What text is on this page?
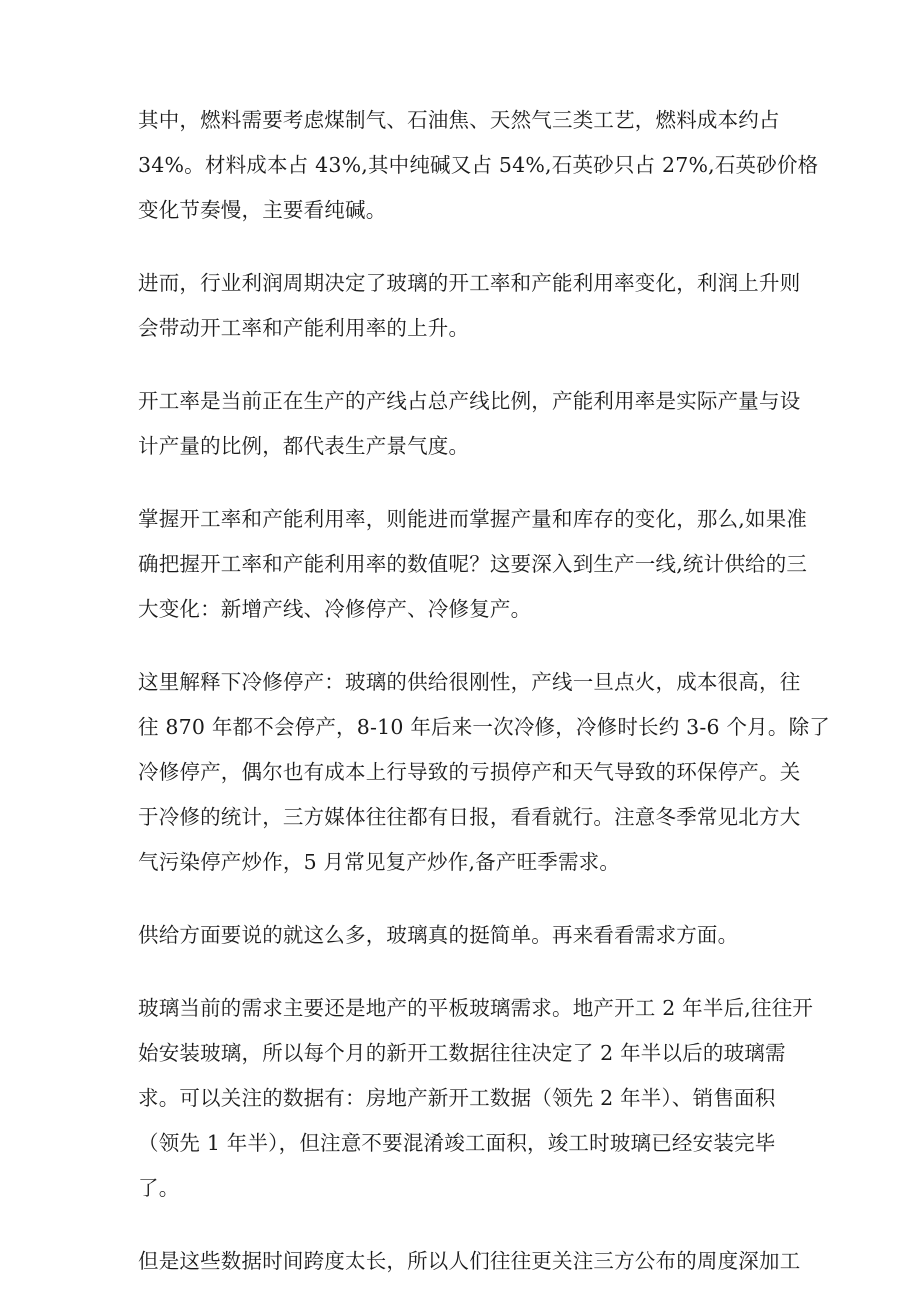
其中，燃料需要考虑煤制气、石油焦、天然气三类工艺，燃料成本约占
34%。材料成本占 43%,其中纯碱又占 54%,石英砂只占 27%,石英砂价格
变化节奏慢，主要看纯碱。

进而，行业利润周期决定了玻璃的开工率和产能利用率变化，利润上升则
会带动开工率和产能利用率的上升。

开工率是当前正在生产的产线占总产线比例，产能利用率是实际产量与设
计产量的比例，都代表生产景气度。

掌握开工率和产能利用率，则能进而掌握产量和库存的变化，那么,如果准
确把握开工率和产能利用率的数值呢？这要深入到生产一线,统计供给的三
大变化：新增产线、冷修停产、冷修复产。

这里解释下冷修停产：玻璃的供给很刚性，产线一旦点火，成本很高，往
往 870 年都不会停产，8-10 年后来一次冷修，冷修时长约 3-6 个月。除了
冷修停产，偶尔也有成本上行导致的亏损停产和天气导致的环保停产。关
于冷修的统计，三方媒体往往都有日报，看看就行。注意冬季常见北方大
气污染停产炒作，5 月常见复产炒作,备产旺季需求。

供给方面要说的就这么多，玻璃真的挺简单。再来看看需求方面。

玻璃当前的需求主要还是地产的平板玻璃需求。地产开工 2 年半后,往往开
始安装玻璃，所以每个月的新开工数据往往决定了 2 年半以后的玻璃需
求。可以关注的数据有：房地产新开工数据（领先 2 年半）、销售面积
（领先 1 年半），但注意不要混淆竣工面积，竣工时玻璃已经安装完毕
了。

但是这些数据时间跨度太长，所以人们往往更关注三方公布的周度深加工
